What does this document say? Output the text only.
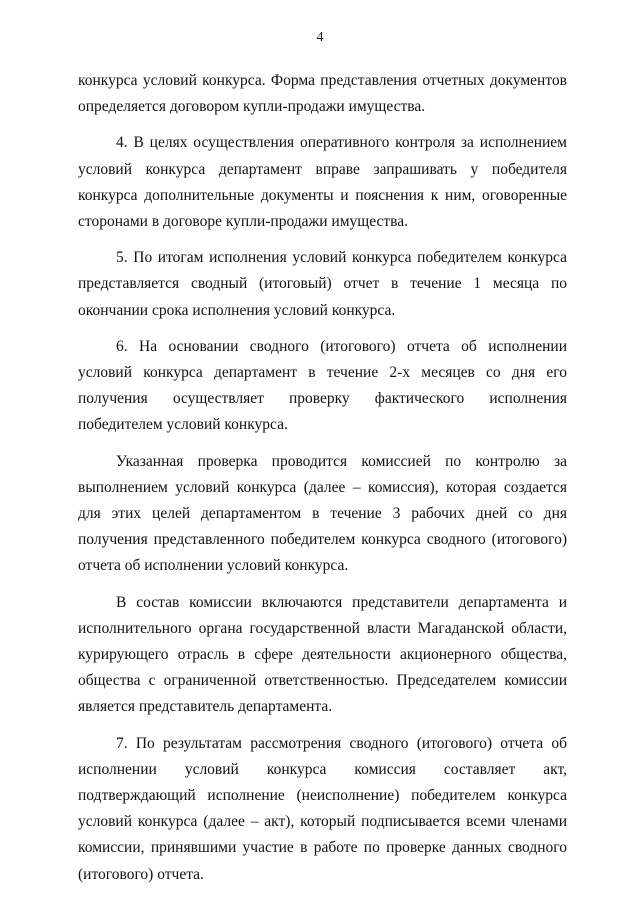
4

конкурса условий конкурса. Форма представления отчетных документов определяется договором купли-продажи имущества.

4. В целях осуществления оперативного контроля за исполнением условий конкурса департамент вправе запрашивать у победителя конкурса дополнительные документы и пояснения к ним, оговоренные сторонами в договоре купли-продажи имущества.

5. По итогам исполнения условий конкурса победителем конкурса представляется сводный (итоговый) отчет в течение 1 месяца по окончании срока исполнения условий конкурса.

6. На основании сводного (итогового) отчета об исполнении условий конкурса департамент в течение 2-х месяцев со дня его получения осуществляет проверку фактического исполнения победителем условий конкурса.

Указанная проверка проводится комиссией по контролю за выполнением условий конкурса (далее – комиссия), которая создается для этих целей департаментом в течение 3 рабочих дней со дня получения представленного победителем конкурса сводного (итогового) отчета об исполнении условий конкурса.

В состав комиссии включаются представители департамента и исполнительного органа государственной власти Магаданской области, курирующего отрасль в сфере деятельности акционерного общества, общества с ограниченной ответственностью. Председателем комиссии является представитель департамента.

7. По результатам рассмотрения сводного (итогового) отчета об исполнении условий конкурса комиссия составляет акт, подтверждающий исполнение (неисполнение) победителем конкурса условий конкурса (далее – акт), который подписывается всеми членами комиссии, принявшими участие в работе по проверке данных сводного (итогового) отчета.
